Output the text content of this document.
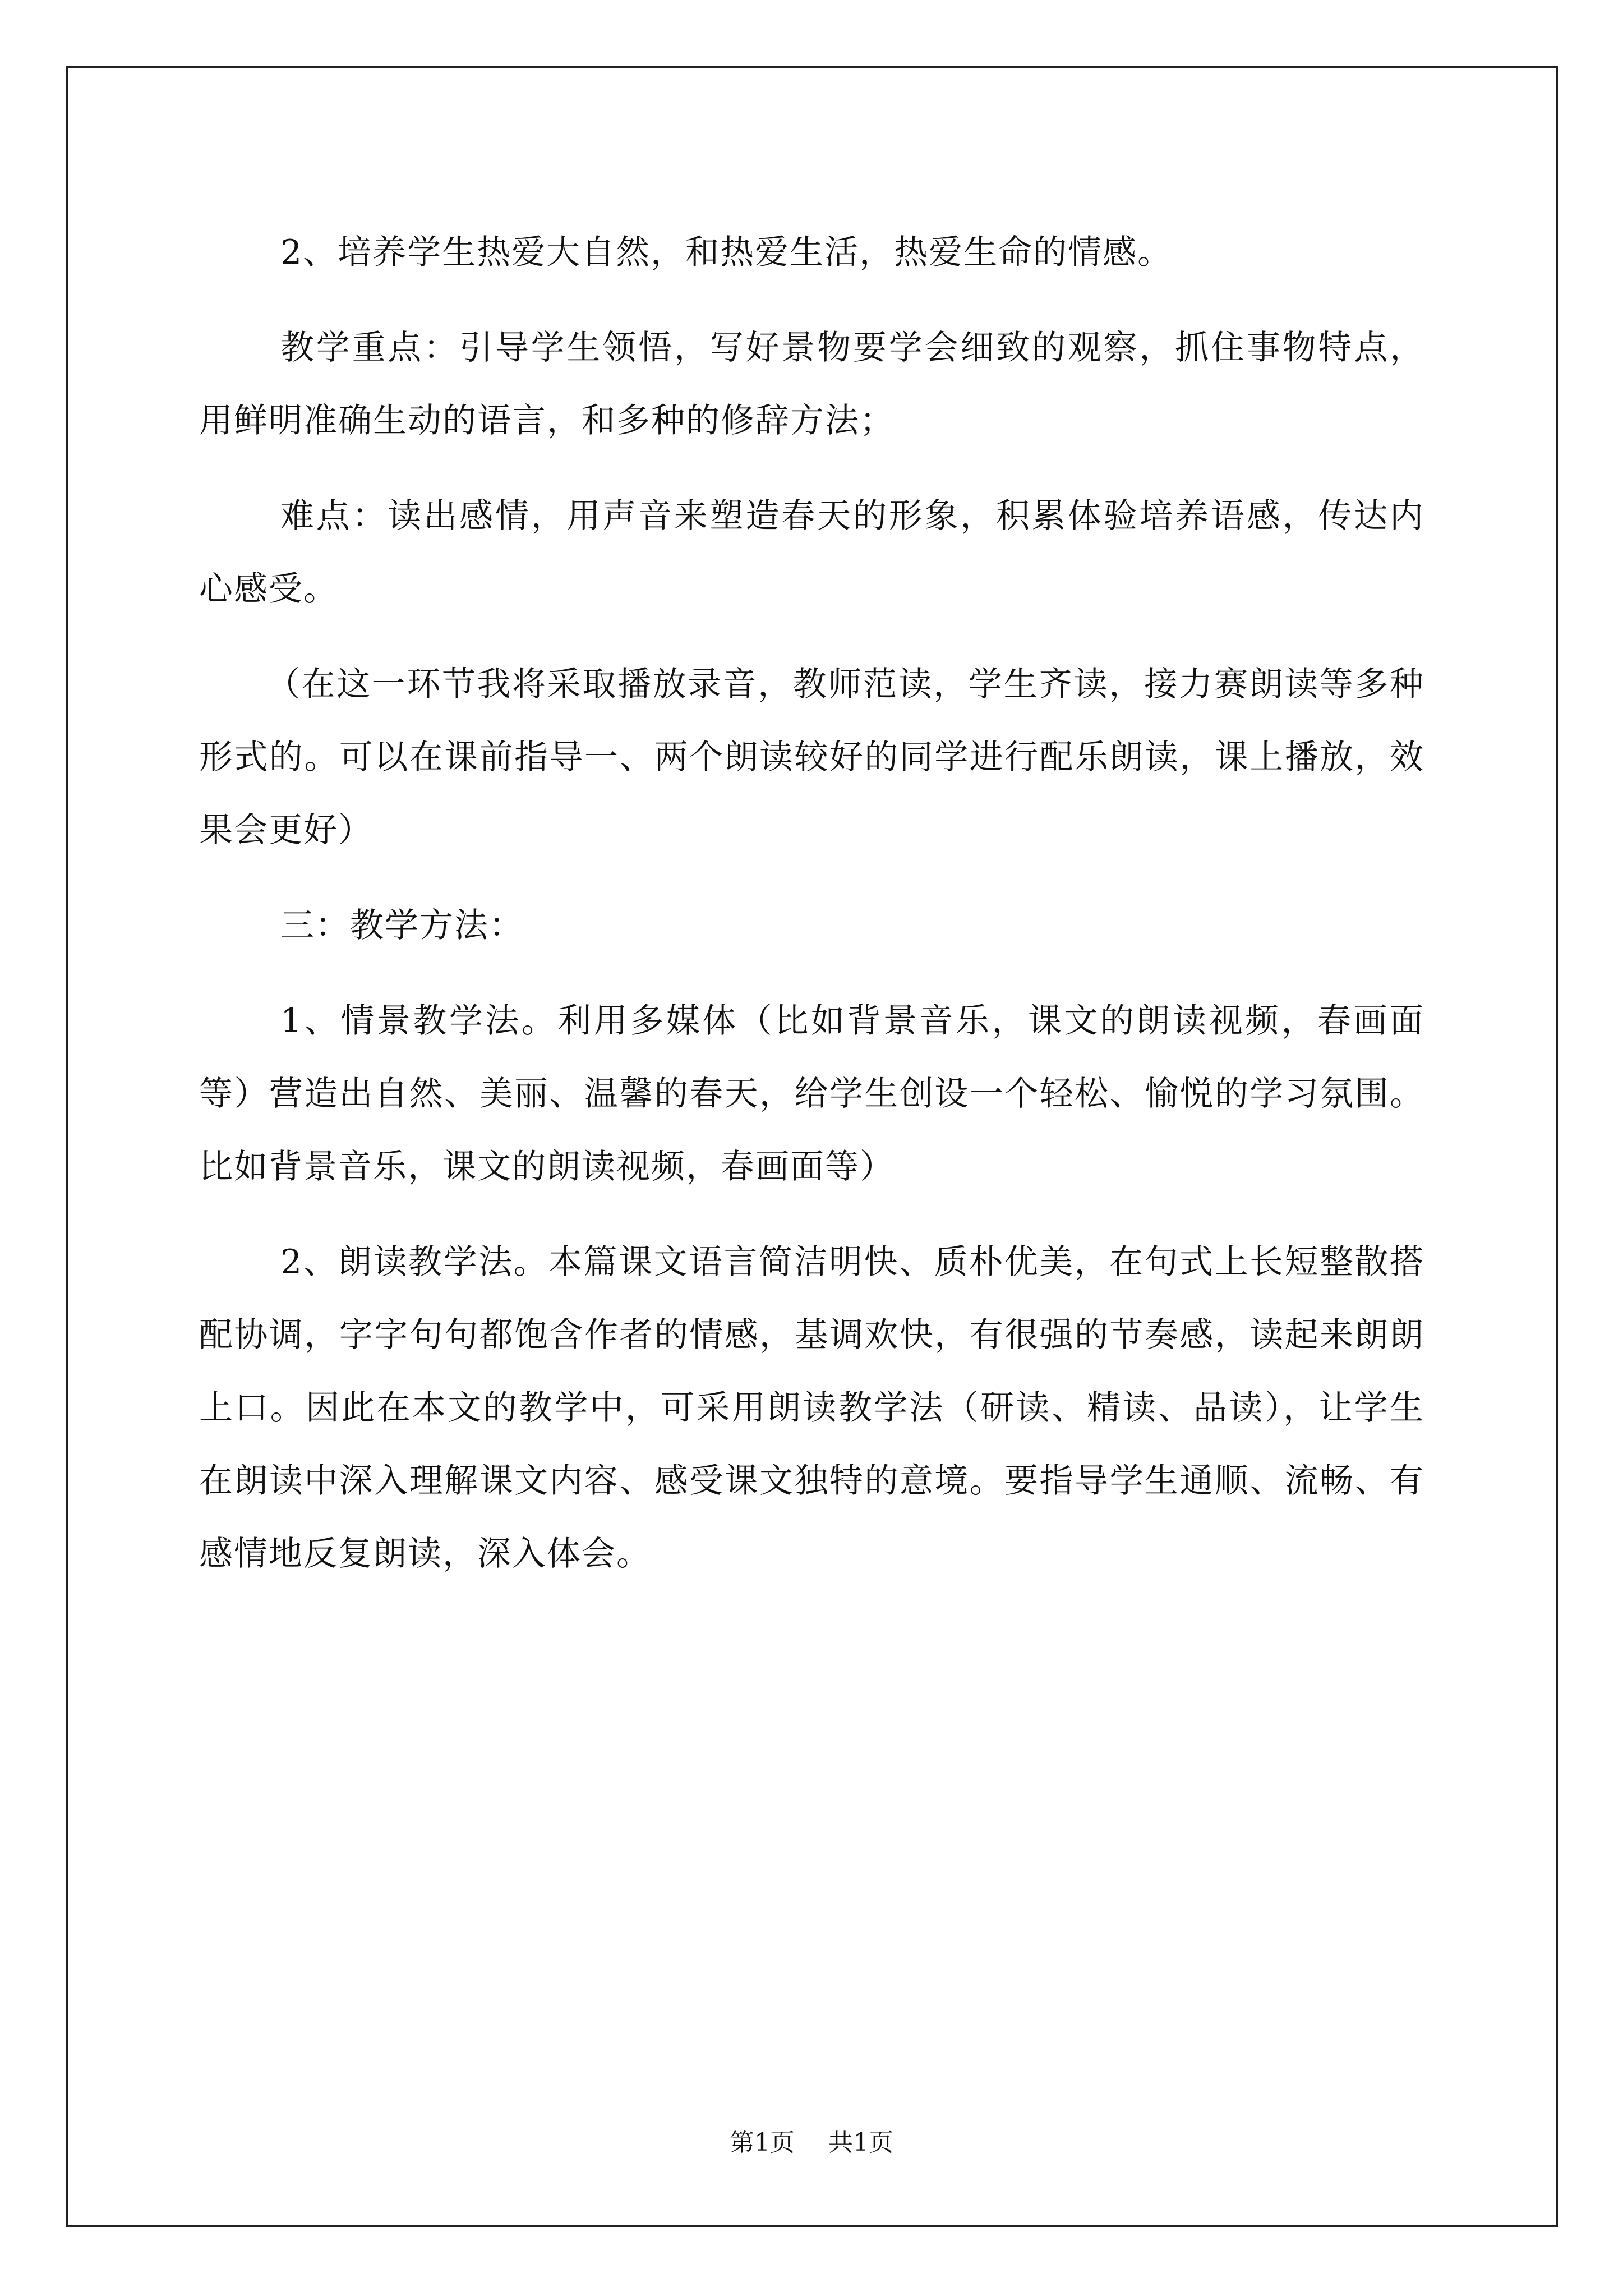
2、培养学生热爱大自然，和热爱生活，热爱生命的情感。

教学重点：引导学生领悟，写好景物要学会细致的观察，抓住事物特点，用鲜明准确生动的语言，和多种的修辞方法；

难点：读出感情，用声音来塑造春天的形象，积累体验培养语感，传达内心感受。

（在这一环节我将采取播放录音，教师范读，学生齐读，接力赛朗读等多种形式的。可以在课前指导一、两个朗读较好的同学进行配乐朗读，课上播放，效果会更好）

三：教学方法：

1、情景教学法。利用多媒体（比如背景音乐，课文的朗读视频，春画面等）营造出自然、美丽、温馨的春天，给学生创设一个轻松、愉悦的学习氛围。比如背景音乐，课文的朗读视频，春画面等）

2、朗读教学法。本篇课文语言简洁明快、质朴优美，在句式上长短整散搭配协调，字字句句都饱含作者的情感，基调欢快，有很强的节奏感，读起来朗朗上口。因此在本文的教学中，可采用朗读教学法（研读、精读、品读），让学生在朗读中深入理解课文内容、感受课文独特的意境。要指导学生通顺、流畅、有感情地反复朗读，深入体会。

第1页 共1页
